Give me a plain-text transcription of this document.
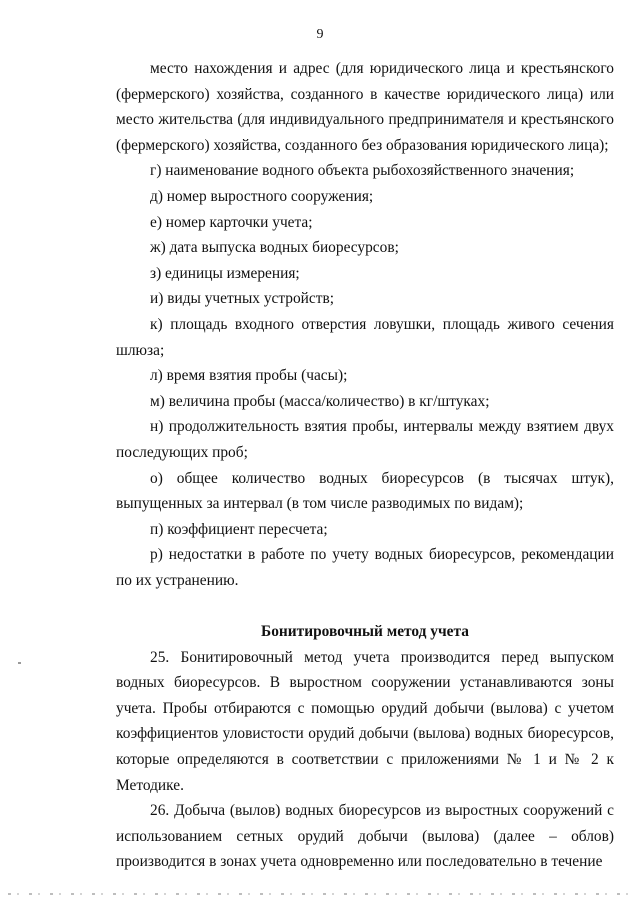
9

место нахождения и адрес (для юридического лица и крестьянского (фермерского) хозяйства, созданного в качестве юридического лица) или место жительства (для индивидуального предпринимателя и крестьянского (фермерского) хозяйства, созданного без образования юридического лица);

г) наименование водного объекта рыбохозяйственного значения;

д) номер выростного сооружения;

е) номер карточки учета;

ж) дата выпуска водных биоресурсов;

з) единицы измерения;

и) виды учетных устройств;

к) площадь входного отверстия ловушки, площадь живого сечения шлюза;

л) время взятия пробы (часы);

м) величина пробы (масса/количество) в кг/штуках;

н) продолжительность взятия пробы, интервалы между взятием двух последующих проб;

о) общее количество водных биоресурсов (в тысячах штук), выпущенных за интервал (в том числе разводимых по видам);

п) коэффициент пересчета;

р) недостатки в работе по учету водных биоресурсов, рекомендации по их устранению.

Бонитировочный метод учета

25. Бонитировочный метод учета производится перед выпуском водных биоресурсов. В выростном сооружении устанавливаются зоны учета. Пробы отбираются с помощью орудий добычи (вылова) с учетом коэффициентов уловистости орудий добычи (вылова) водных биоресурсов, которые определяются в соответствии с приложениями № 1 и № 2 к Методике.

26. Добыча (вылов) водных биоресурсов из выростных сооружений с использованием сетных орудий добычи (вылова) (далее – облов) производится в зонах учета одновременно или последовательно в течение
